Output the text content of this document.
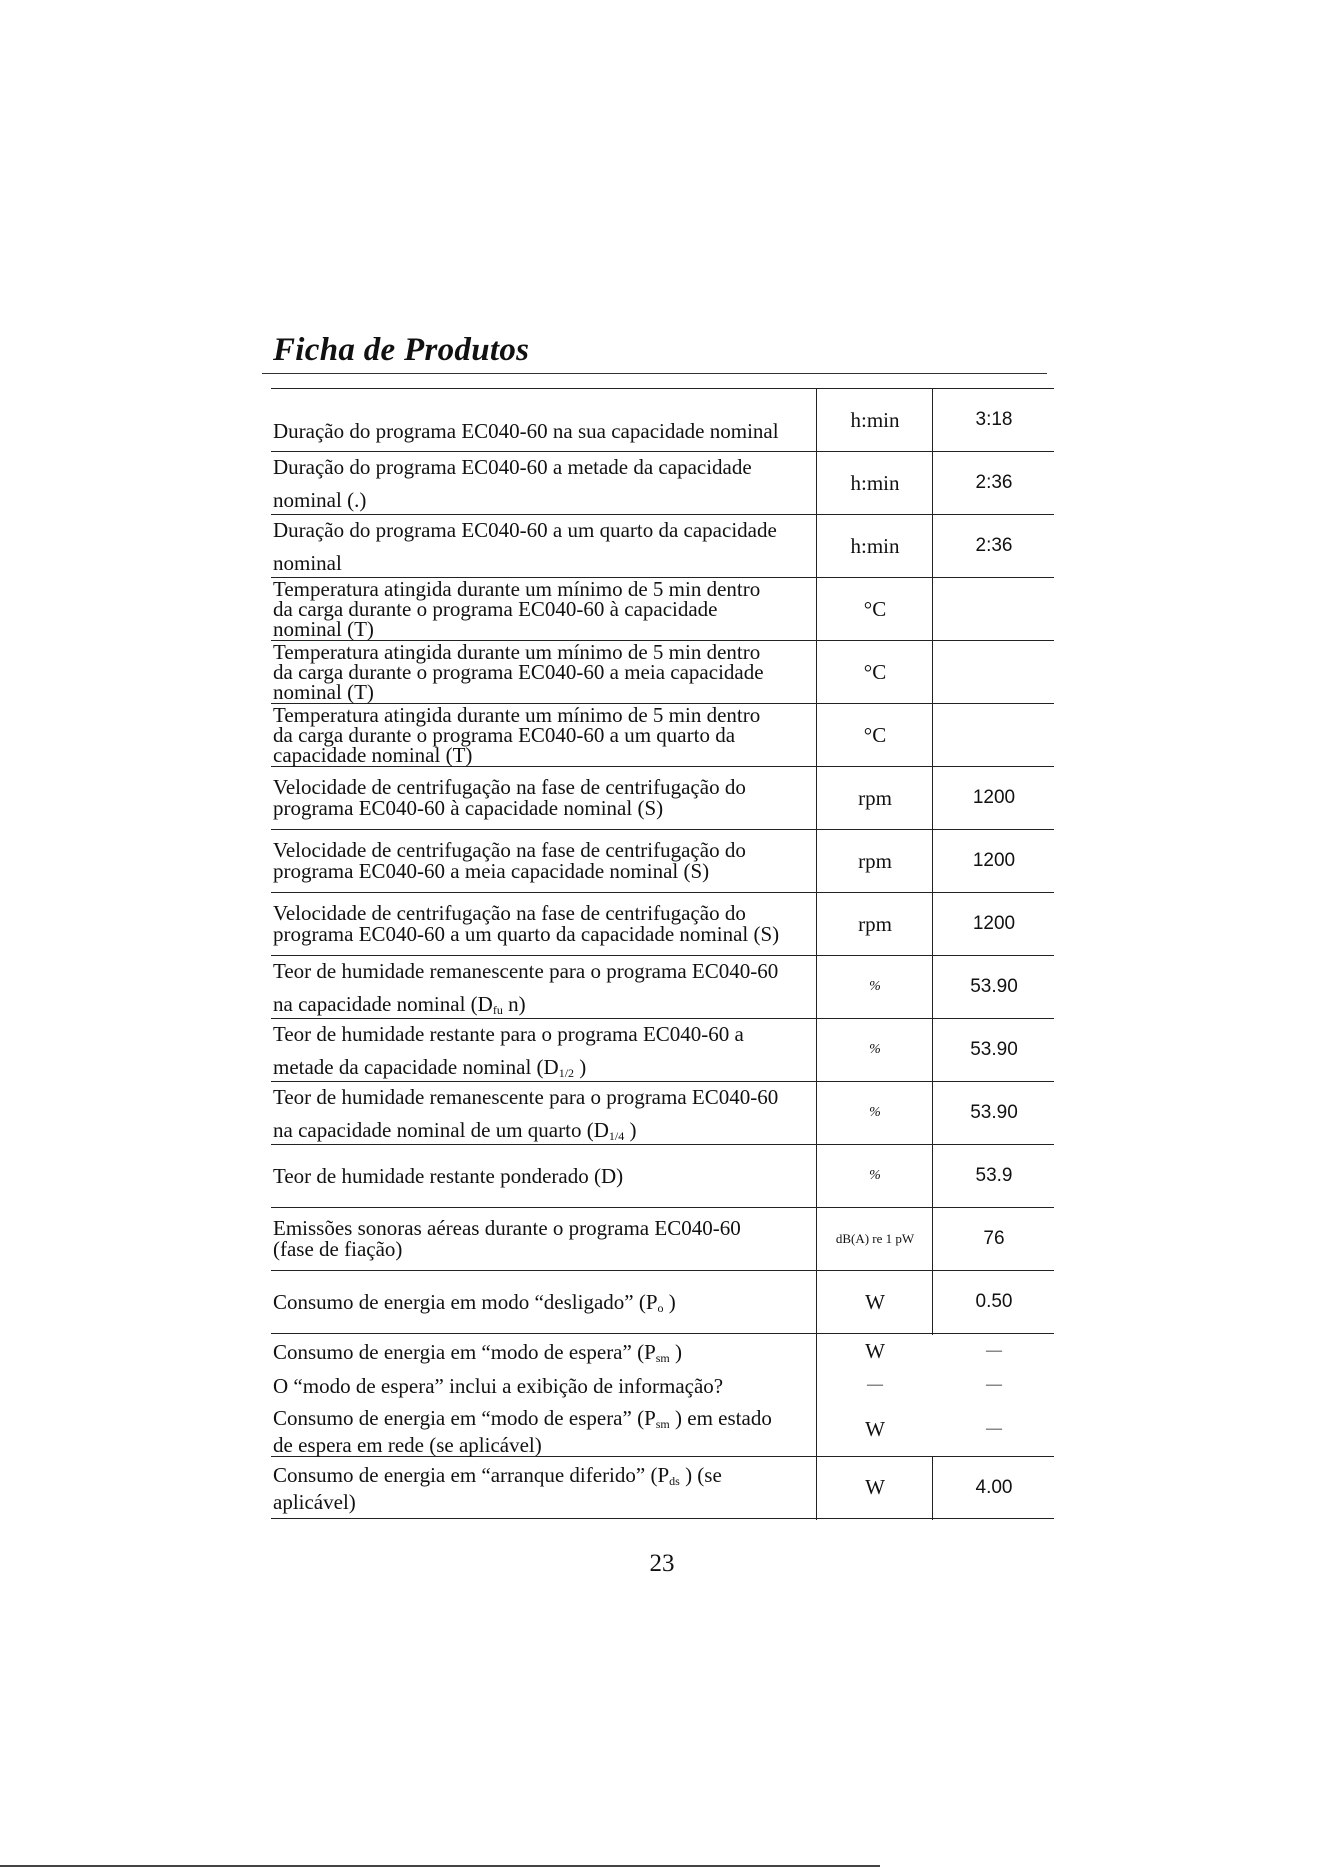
Ficha de Produtos
Duração do programa EC040-60 na sua capacidade nominal	h:min	3:18
Duração do programa EC040-60 a metade da capacidade
nominal (.)
h:min	2:36
Duração do programa EC040-60 a um quarto da capacidade
nominal
h:min	2:36
Temperatura atingida durante um mínimo de 5 min dentro
da carga durante o programa EC040-60 à capacidade
nominal (T)
°C
Temperatura atingida durante um mínimo de 5 min dentro
da carga durante o programa EC040-60 a meia capacidade
nominal (T)
°C
Temperatura atingida durante um mínimo de 5 min dentro
da carga durante o programa EC040-60 a um quarto da
capacidade nominal (T)
°C
Velocidade de centrifugação na fase de centrifugação do
programa EC040-60 à capacidade nominal (S)	rpm	1200
Velocidade de centrifugação na fase de centrifugação do
programa EC040-60 a meia capacidade nominal (S)	rpm	1200
Velocidade de centrifugação na fase de centrifugação do
programa EC040-60 a um quarto da capacidade nominal (S)	rpm	1200
Teor de humidade remanescente para o programa EC040-60
na capacidade nominal ($D_{fu}$ n)
%	53.90
Teor de humidade restante para o programa EC040-60 a
metade da capacidade nominal ($D_{1/2}$ )
%	53.90
Teor de humidade remanescente para o programa EC040-60
na capacidade nominal de um quarto ($D_{1/4}$ )
%	53.90
Teor de humidade restante ponderado (D)	%	53.9
Emissões sonoras aéreas durante o programa EC040-60
(fase de fiação)	dB(A) re 1 pW	76
Consumo de energia em modo “desligado” ($P_o$ )	W	0.50
Consumo de energia em “modo de espera” ($P_{sm}$ )	W	—
O “modo de espera” inclui a exibição de informação?	—	—
Consumo de energia em “modo de espera” ($P_{sm}$ ) em estado
de espera em rede (se aplicável)
W	—
Consumo de energia em “arranque diferido” ($P_{ds}$ ) (se
aplicável)
W	4.00
23
